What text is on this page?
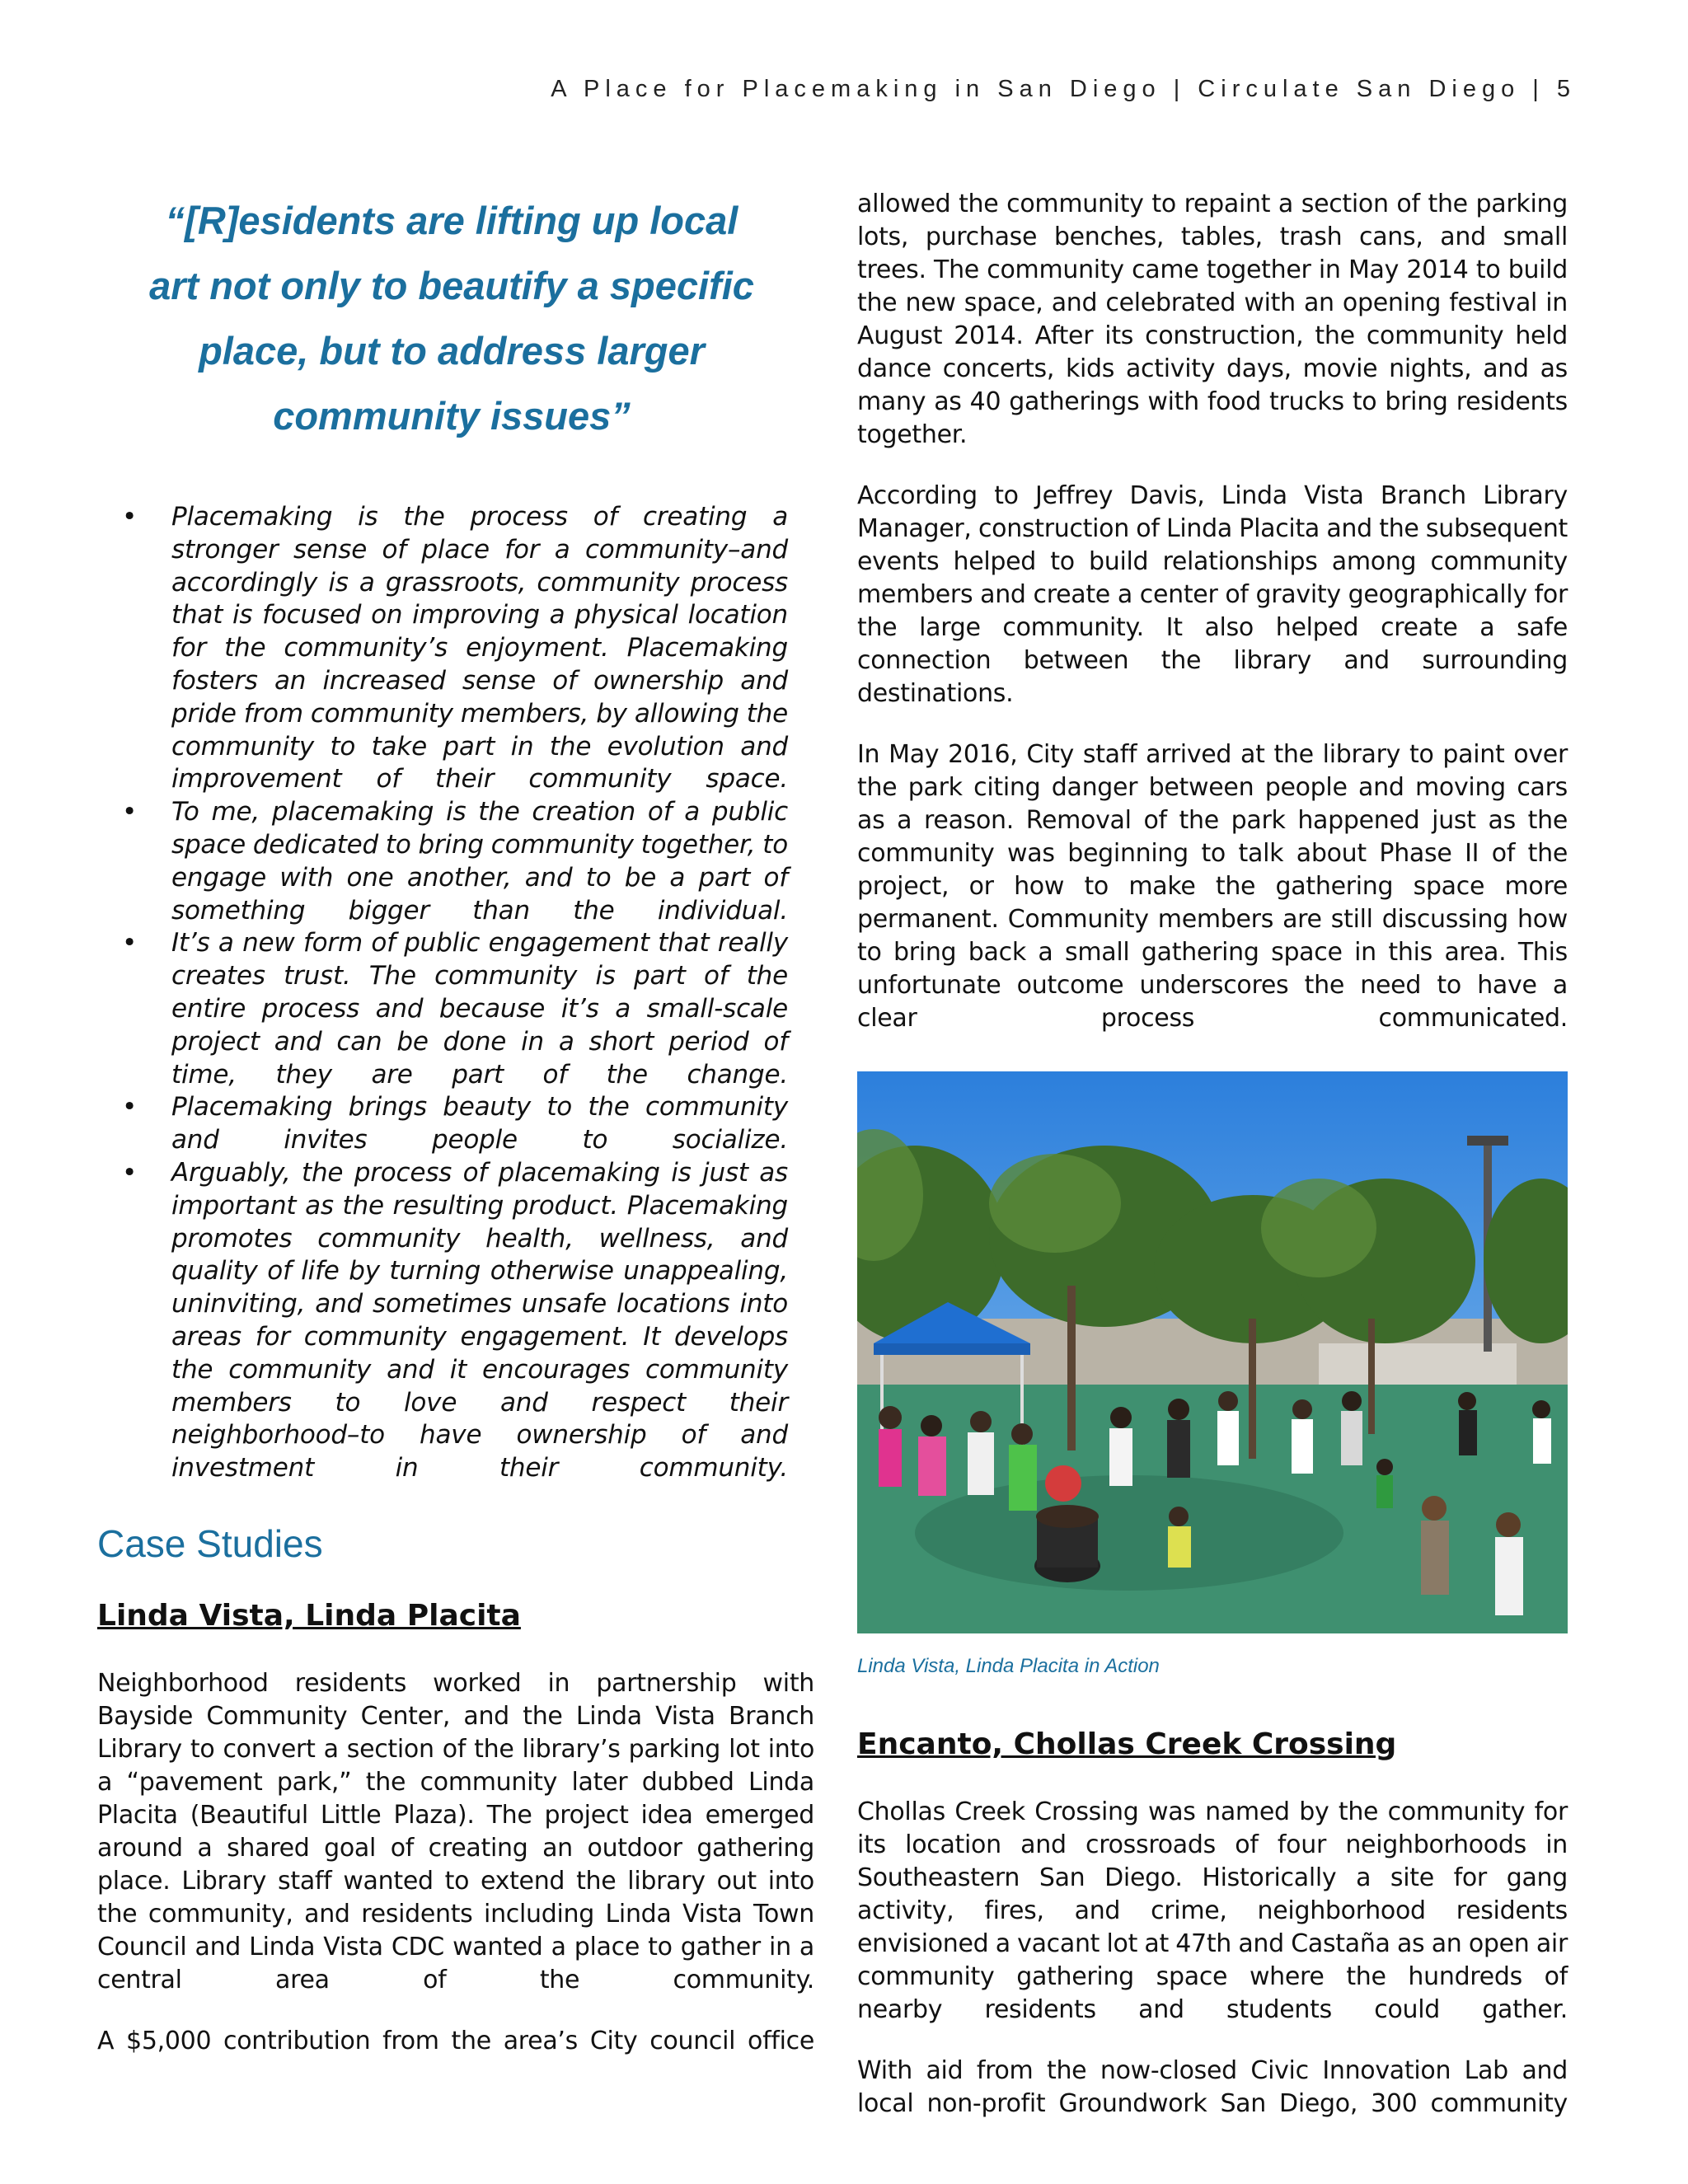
A Place for Placemaking in San Diego | Circulate San Diego | 5
“[R]esidents are lifting up local art not only to beautify a specific place, but to address larger community issues”
• Placemaking is the process of creating a stronger sense of place for a community–and accordingly is a grassroots, community process that is focused on improving a physical location for the community’s enjoyment. Placemaking fosters an increased sense of ownership and pride from community members, by allowing the community to take part in the evolution and improvement of their community space.
• To me, placemaking is the creation of a public space dedicated to bring community together, to engage with one another, and to be a part of something bigger than the individual.
• It’s a new form of public engagement that really creates trust. The community is part of the entire process and because it’s a small-scale project and can be done in a short period of time, they are part of the change.
• Placemaking brings beauty to the community and invites people to socialize.
• Arguably, the process of placemaking is just as important as the resulting product. Placemaking promotes community health, wellness, and quality of life by turning otherwise unappealing, uninviting, and sometimes unsafe locations into areas for community engagement. It develops the community and it encourages community members to love and respect their neighborhood–to have ownership of and investment in their community.
Case Studies
Linda Vista, Linda Placita

Neighborhood residents worked in partnership with Bayside Community Center, and the Linda Vista Branch Library to convert a section of the library’s parking lot into a “pavement park,” the community later dubbed Linda Placita (Beautiful Little Plaza). The project idea emerged around a shared goal of creating an outdoor gathering place. Library staff wanted to extend the library out into the community, and residents including Linda Vista Town Council and Linda Vista CDC wanted a place to gather in a central area of the community.

A $5,000 contribution from the area’s City council office

allowed the community to repaint a section of the parking lots, purchase benches, tables, trash cans, and small trees. The community came together in May 2014 to build the new space, and celebrated with an opening festival in August 2014. After its construction, the community held dance concerts, kids activity days, movie nights, and as many as 40 gatherings with food trucks to bring residents together.

According to Jeffrey Davis, Linda Vista Branch Library Manager, construction of Linda Placita and the subsequent events helped to build relationships among community members and create a center of gravity geographically for the large community. It also helped create a safe connection between the library and surrounding destinations.

In May 2016, City staff arrived at the library to paint over the park citing danger between people and moving cars as a reason. Removal of the park happened just as the community was beginning to talk about Phase II of the project, or how to make the gathering space more permanent. Community members are still discussing how to bring back a small gathering space in this area. This unfortunate outcome underscores the need to have a clear process communicated.

Linda Vista, Linda Placita in Action
Encanto, Chollas Creek Crossing

Chollas Creek Crossing was named by the community for its location and crossroads of four neighborhoods in Southeastern San Diego. Historically a site for gang activity, fires, and crime, neighborhood residents envisioned a vacant lot at 47th and Castaña as an open air community gathering space where the hundreds of nearby residents and students could gather.

With aid from the now-closed Civic Innovation Lab and local non-profit Groundwork San Diego, 300 community
